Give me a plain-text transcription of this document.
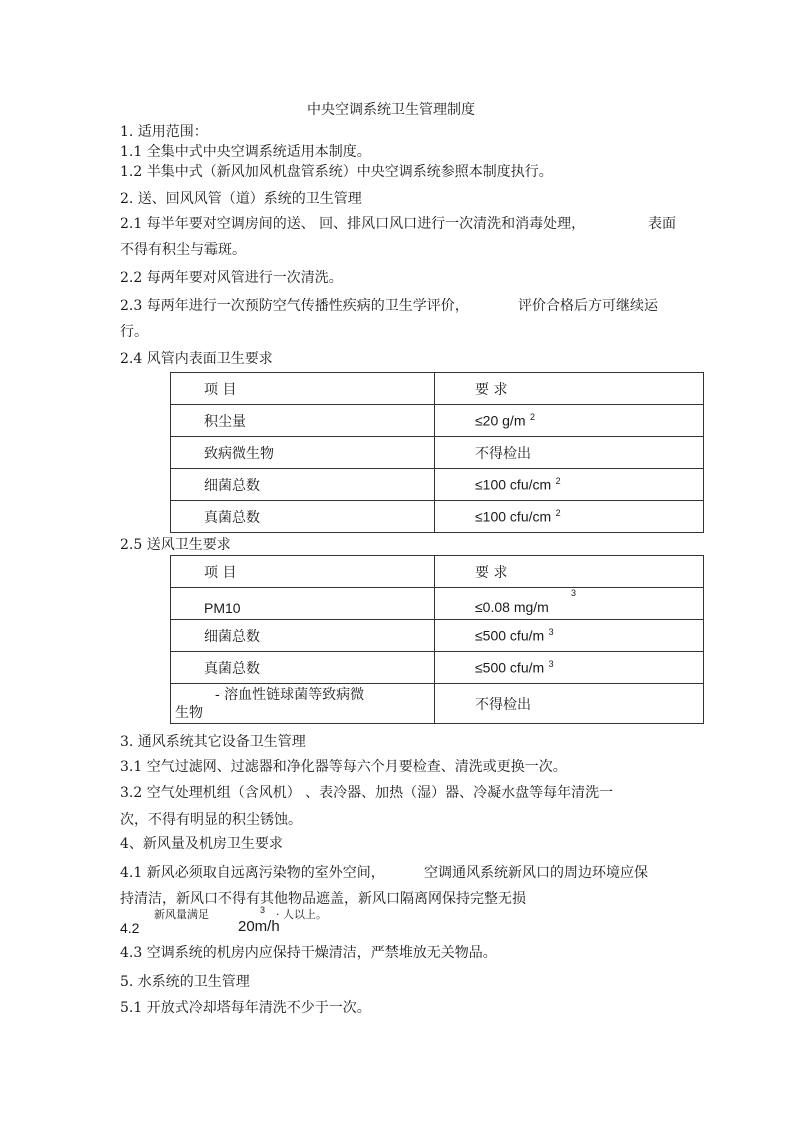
中央空调系统卫生管理制度
1. 适用范围：
1.1 全集中式中央空调系统适用本制度。
1.2 半集中式（新风加风机盘管系统）中央空调系统参照本制度执行。
2. 送、回风风管（道）系统的卫生管理
2.1 每半年要对空调房间的送、 回、排风口风口进行一次清洗和消毒处理，	表面
不得有积尘与霉斑。
2.2 每两年要对风管进行一次清洗。
2.3 每两年进行一次预防空气传播性疾病的卫生学评价，	评价合格后方可继续运
行。
2.4 风管内表面卫生要求
项 目	要 求
积尘量	≤20 g/m $^2$
致病微生物	不得检出
细菌总数	≤100 cfu/cm $^2$
真菌总数	≤100 cfu/cm $^2$
2.5 送风卫生要求
项 目	要 求
PM10	≤0.08 mg/m
3

细菌总数	≤500 cfu/m $^3$
真菌总数	≤500 cfu/m $^3$

- 溶血性链球菌等致病微
生物	不得检出
3. 通风系统其它设备卫生管理
3.1 空气过滤网、过滤器和净化器等每六个月要检查、清洗或更换一次。
3.2 空气处理机组（含风机） 、表冷器、加热（湿）器、冷凝水盘等每年清洗一
次，不得有明显的积尘锈蚀。
4、新风量及机房卫生要求
4.1 新风必须取自远离污染物的室外空间，	空调通风系统新风口的周边环境应保
持清洁，新风口不得有其他物品遮盖，新风口隔离网保持完整无损
4.2
新风量满足	3 · 人以上。
20m/h
4.3 空调系统的机房内应保持干燥清洁，严禁堆放无关物品。
5. 水系统的卫生管理
5.1 开放式冷却塔每年清洗不少于一次。
